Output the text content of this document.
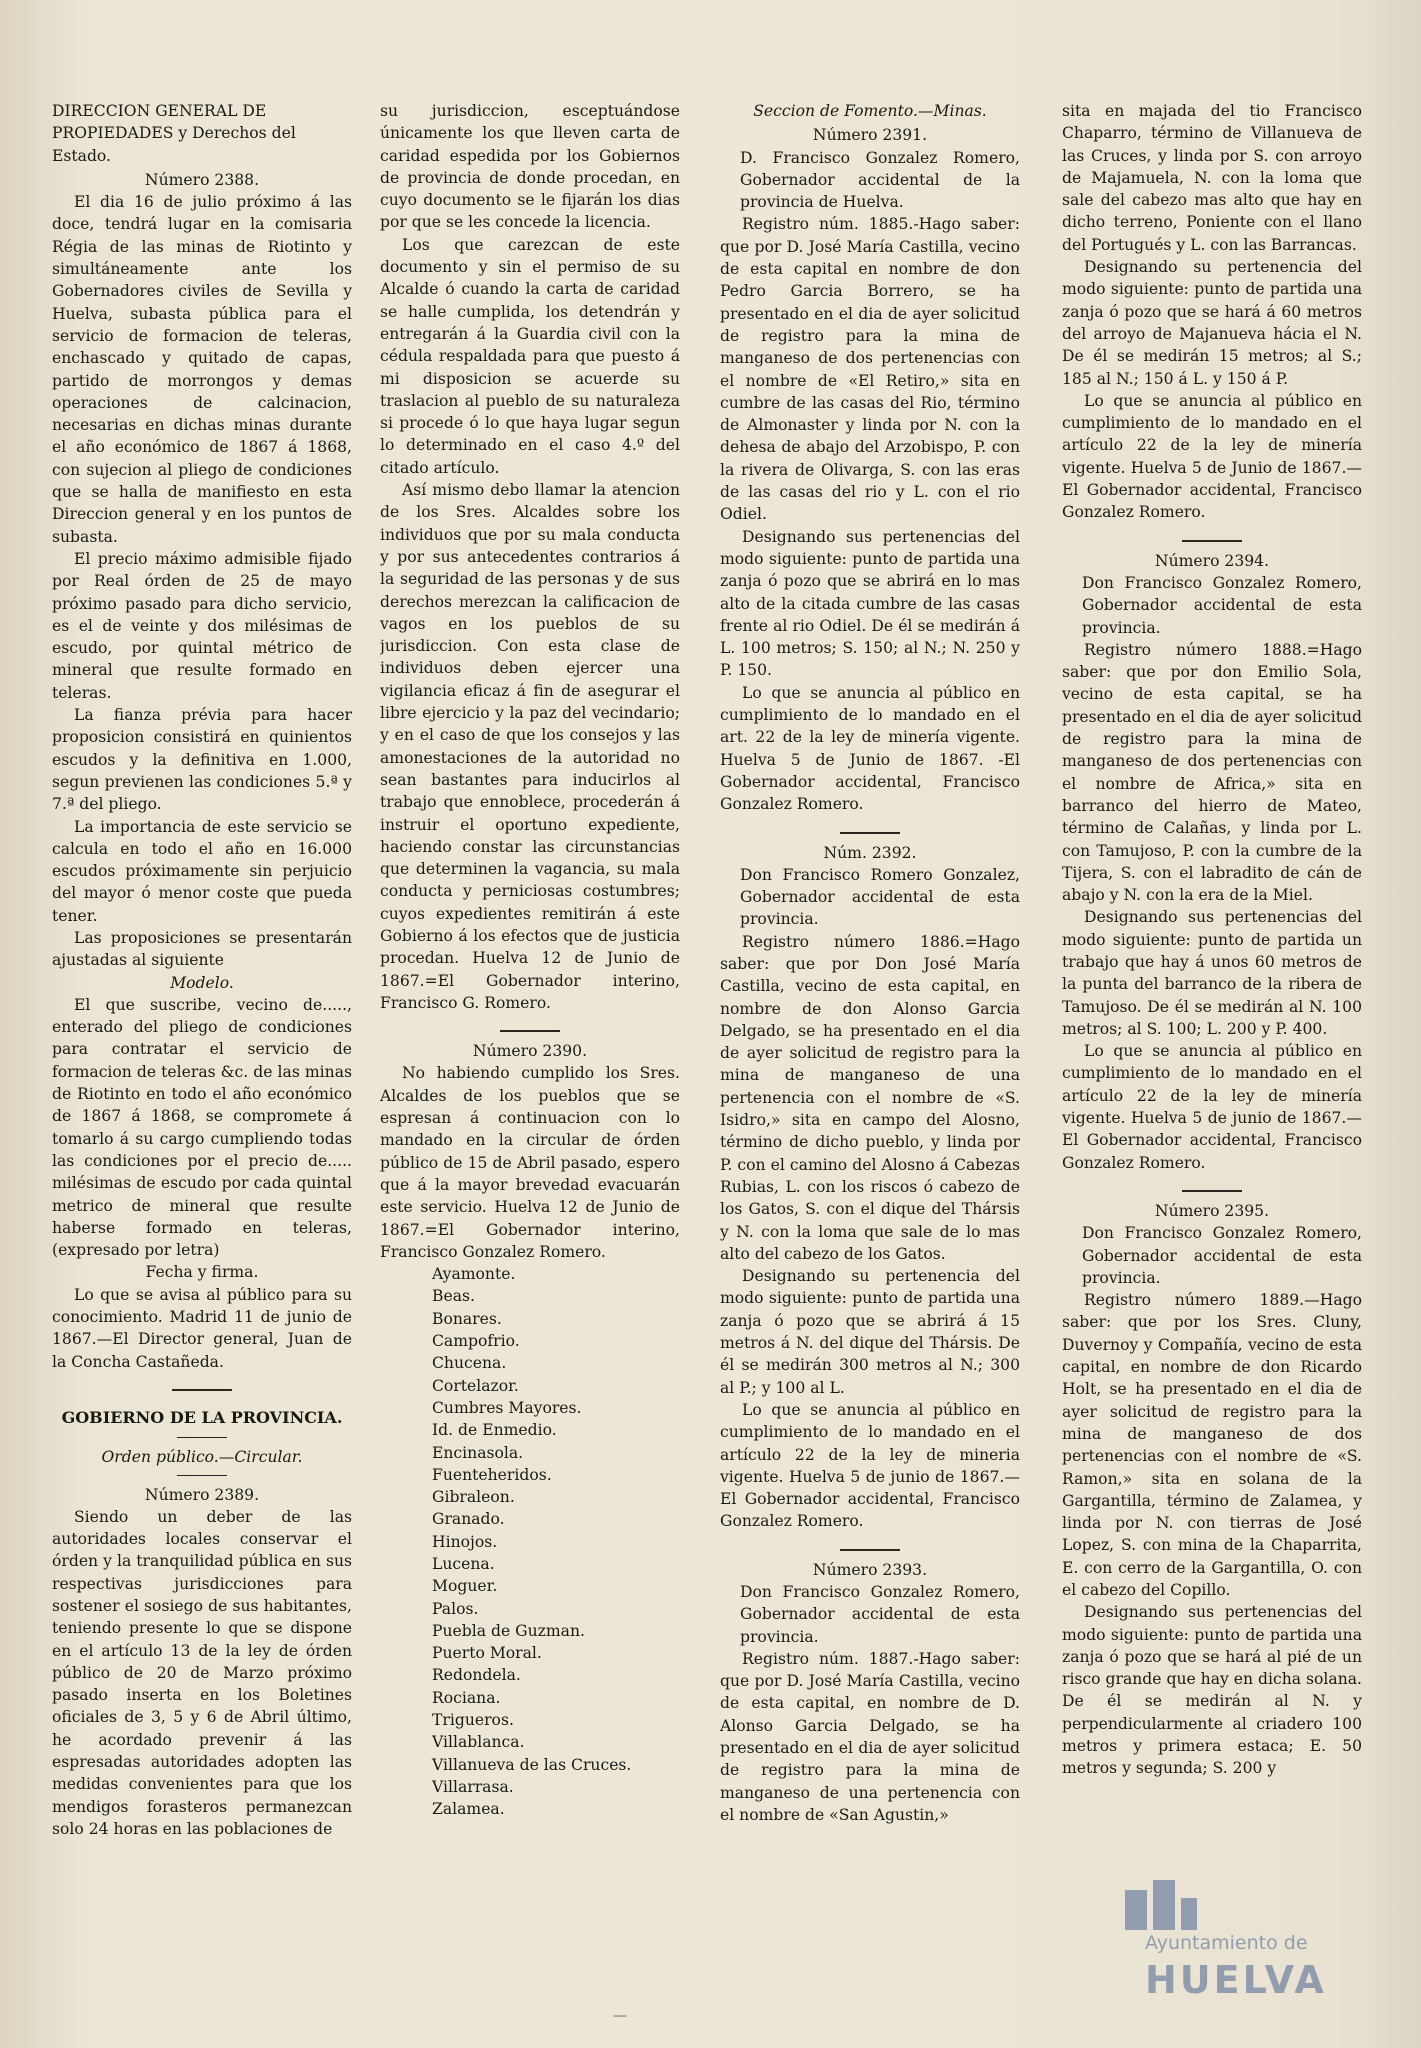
DIRECCION GENERAL DE PROPIEDADES y Derechos del Estado.

Número 2388.

El dia 16 de julio próximo á las doce, tendrá lugar en la comisaria Régia de las minas de Riotinto y simultáneamente ante los Gobernadores civiles de Sevilla y Huelva, subasta pública para el servicio de formacion de teleras, enchascado y quitado de capas, partido de morrongos y demas operaciones de calcinacion, necesarias en dichas minas durante el año económico de 1867 á 1868, con sujecion al pliego de condiciones que se halla de manifiesto en esta Direccion general y en los puntos de subasta.

El precio máximo admisible fijado por Real órden de 25 de mayo próximo pasado para dicho servicio, es el de veinte y dos milésimas de escudo, por quintal métrico de mineral que resulte formado en teleras.

La fianza prévia para hacer proposicion consistirá en quinientos escudos y la definitiva en 1.000, segun previenen las condiciones 5.ª y 7.ª del pliego.

La importancia de este servicio se calcula en todo el año en 16.000 escudos próximamente sin perjuicio del mayor ó menor coste que pueda tener.

Las proposiciones se presentarán ajustadas al siguiente

Modelo.

El que suscribe, vecino de....., enterado del pliego de condiciones para contratar el servicio de formacion de teleras &c. de las minas de Riotinto en todo el año económico de 1867 á 1868, se compromete á tomarlo á su cargo cumpliendo todas las condiciones por el precio de..... milésimas de escudo por cada quintal metrico de mineral que resulte haberse formado en teleras, (expresado por letra)

Fecha y firma.

Lo que se avisa al público para su conocimiento. Madrid 11 de junio de 1867.—El Director general, Juan de la Concha Castañeda.

GOBIERNO DE LA PROVINCIA.

Orden público.—Circular.

Número 2389.

Siendo un deber de las autoridades locales conservar el órden y la tranquilidad pública en sus respectivas jurisdicciones para sostener el sosiego de sus habitantes, teniendo presente lo que se dispone en el artículo 13 de la ley de órden público de 20 de Marzo próximo pasado inserta en los Boletines oficiales de 3, 5 y 6 de Abril último, he acordado prevenir á las espresadas autoridades adopten las medidas convenientes para que los mendigos forasteros permanezcan solo 24 horas en las poblaciones de

su jurisdiccion, esceptuándose únicamente los que lleven carta de caridad espedida por los Gobiernos de provincia de donde procedan, en cuyo documento se le fijarán los dias por que se les concede la licencia.

Los que carezcan de este documento y sin el permiso de su Alcalde ó cuando la carta de caridad se halle cumplida, los detendrán y entregarán á la Guardia civil con la cédula respaldada para que puesto á mi disposicion se acuerde su traslacion al pueblo de su naturaleza si procede ó lo que haya lugar segun lo determinado en el caso 4.º del citado artículo.

Así mismo debo llamar la atencion de los Sres. Alcaldes sobre los individuos que por su mala conducta y por sus antecedentes contrarios á la seguridad de las personas y de sus derechos merezcan la calificacion de vagos en los pueblos de su jurisdiccion. Con esta clase de individuos deben ejercer una vigilancia eficaz á fin de asegurar el libre ejercicio y la paz del vecindario; y en el caso de que los consejos y las amonestaciones de la autoridad no sean bastantes para inducirlos al trabajo que ennoblece, procederán á instruir el oportuno expediente, haciendo constar las circunstancias que determinen la vagancia, su mala conducta y perniciosas costumbres; cuyos expedientes remitirán á este Gobierno á los efectos que de justicia procedan. Huelva 12 de Junio de 1867.=El Gobernador interino, Francisco G. Romero.

Número 2390.

No habiendo cumplido los Sres. Alcaldes de los pueblos que se espresan á continuacion con lo mandado en la circular de órden público de 15 de Abril pasado, espero que á la mayor brevedad evacuarán este servicio. Huelva 12 de Junio de 1867.=El Gobernador interino, Francisco Gonzalez Romero.

Ayamonte.
Beas.
Bonares.
Campofrio.
Chucena.
Cortelazor.
Cumbres Mayores.
Id. de Enmedio.
Encinasola.
Fuenteheridos.
Gibraleon.
Granado.
Hinojos.
Lucena.
Moguer.
Palos.
Puebla de Guzman.
Puerto Moral.
Redondela.
Rociana.
Trigueros.
Villablanca.
Villanueva de las Cruces.
Villarrasa.
Zalamea.

Seccion de Fomento.—Minas.

Número 2391.

D. Francisco Gonzalez Romero, Gobernador accidental de la provincia de Huelva.

Registro núm. 1885.-Hago saber: que por D. José María Castilla, vecino de esta capital en nombre de don Pedro Garcia Borrero, se ha presentado en el dia de ayer solicitud de registro para la mina de manganeso de dos pertenencias con el nombre de «El Retiro,» sita en cumbre de las casas del Rio, término de Almonaster y linda por N. con la dehesa de abajo del Arzobispo, P. con la rivera de Olivarga, S. con las eras de las casas del rio y L. con el rio Odiel.

Designando sus pertenencias del modo siguiente: punto de partida una zanja ó pozo que se abrirá en lo mas alto de la citada cumbre de las casas frente al rio Odiel. De él se medirán á L. 100 metros; S. 150; al N.; N. 250 y P. 150.

Lo que se anuncia al público en cumplimiento de lo mandado en el art. 22 de la ley de minería vigente. Huelva 5 de Junio de 1867. -El Gobernador accidental, Francisco Gonzalez Romero.

Núm. 2392.

Don Francisco Romero Gonzalez, Gobernador accidental de esta provincia.

Registro número 1886.=Hago saber: que por Don José María Castilla, vecino de esta capital, en nombre de don Alonso Garcia Delgado, se ha presentado en el dia de ayer solicitud de registro para la mina de manganeso de una pertenencia con el nombre de «S. Isidro,» sita en campo del Alosno, término de dicho pueblo, y linda por P. con el camino del Alosno á Cabezas Rubias, L. con los riscos ó cabezo de los Gatos, S. con el dique del Thársis y N. con la loma que sale de lo mas alto del cabezo de los Gatos.

Designando su pertenencia del modo siguiente: punto de partida una zanja ó pozo que se abrirá á 15 metros á N. del dique del Thársis. De él se medirán 300 metros al N.; 300 al P.; y 100 al L.

Lo que se anuncia al público en cumplimiento de lo mandado en el artículo 22 de la ley de mineria vigente. Huelva 5 de junio de 1867.—El Gobernador accidental, Francisco Gonzalez Romero.

Número 2393.

Don Francisco Gonzalez Romero, Gobernador accidental de esta provincia.

Registro núm. 1887.-Hago saber: que por D. José María Castilla, vecino de esta capital, en nombre de D. Alonso Garcia Delgado, se ha presentado en el dia de ayer solicitud de registro para la mina de manganeso de una pertenencia con el nombre de «San Agustin,»

sita en majada del tio Francisco Chaparro, término de Villanueva de las Cruces, y linda por S. con arroyo de Majamuela, N. con la loma que sale del cabezo mas alto que hay en dicho terreno, Poniente con el llano del Portugués y L. con las Barrancas.

Designando su pertenencia del modo siguiente: punto de partida una zanja ó pozo que se hará á 60 metros del arroyo de Majanueva hácia el N. De él se medirán 15 metros; al S.; 185 al N.; 150 á L. y 150 á P.

Lo que se anuncia al público en cumplimiento de lo mandado en el artículo 22 de la ley de minería vigente. Huelva 5 de Junio de 1867.—El Gobernador accidental, Francisco Gonzalez Romero.

Número 2394.

Don Francisco Gonzalez Romero, Gobernador accidental de esta provincia.

Registro número 1888.=Hago saber: que por don Emilio Sola, vecino de esta capital, se ha presentado en el dia de ayer solicitud de registro para la mina de manganeso de dos pertenencias con el nombre de Africa,» sita en barranco del hierro de Mateo, término de Calañas, y linda por L. con Tamujoso, P. con la cumbre de la Tijera, S. con el labradito de cán de abajo y N. con la era de la Miel.

Designando sus pertenencias del modo siguiente: punto de partida un trabajo que hay á unos 60 metros de la punta del barranco de la ribera de Tamujoso. De él se medirán al N. 100 metros; al S. 100; L. 200 y P. 400.

Lo que se anuncia al público en cumplimiento de lo mandado en el artículo 22 de la ley de minería vigente. Huelva 5 de junio de 1867.—El Gobernador accidental, Francisco Gonzalez Romero.

Número 2395.

Don Francisco Gonzalez Romero, Gobernador accidental de esta provincia.

Registro número 1889.—Hago saber: que por los Sres. Cluny, Duvernoy y Compañía, vecino de esta capital, en nombre de don Ricardo Holt, se ha presentado en el dia de ayer solicitud de registro para la mina de manganeso de dos pertenencias con el nombre de «S. Ramon,» sita en solana de la Gargantilla, término de Zalamea, y linda por N. con tierras de José Lopez, S. con mina de la Chaparrita, E. con cerro de la Gargantilla, O. con el cabezo del Copillo.

Designando sus pertenencias del modo siguiente: punto de partida una zanja ó pozo que se hará al pié de un risco grande que hay en dicha solana. De él se medirán al N. y perpendicularmente al criadero 100 metros y primera estaca; E. 50 metros y segunda; S. 200 y

—
Ayuntamiento de
HUELVA
